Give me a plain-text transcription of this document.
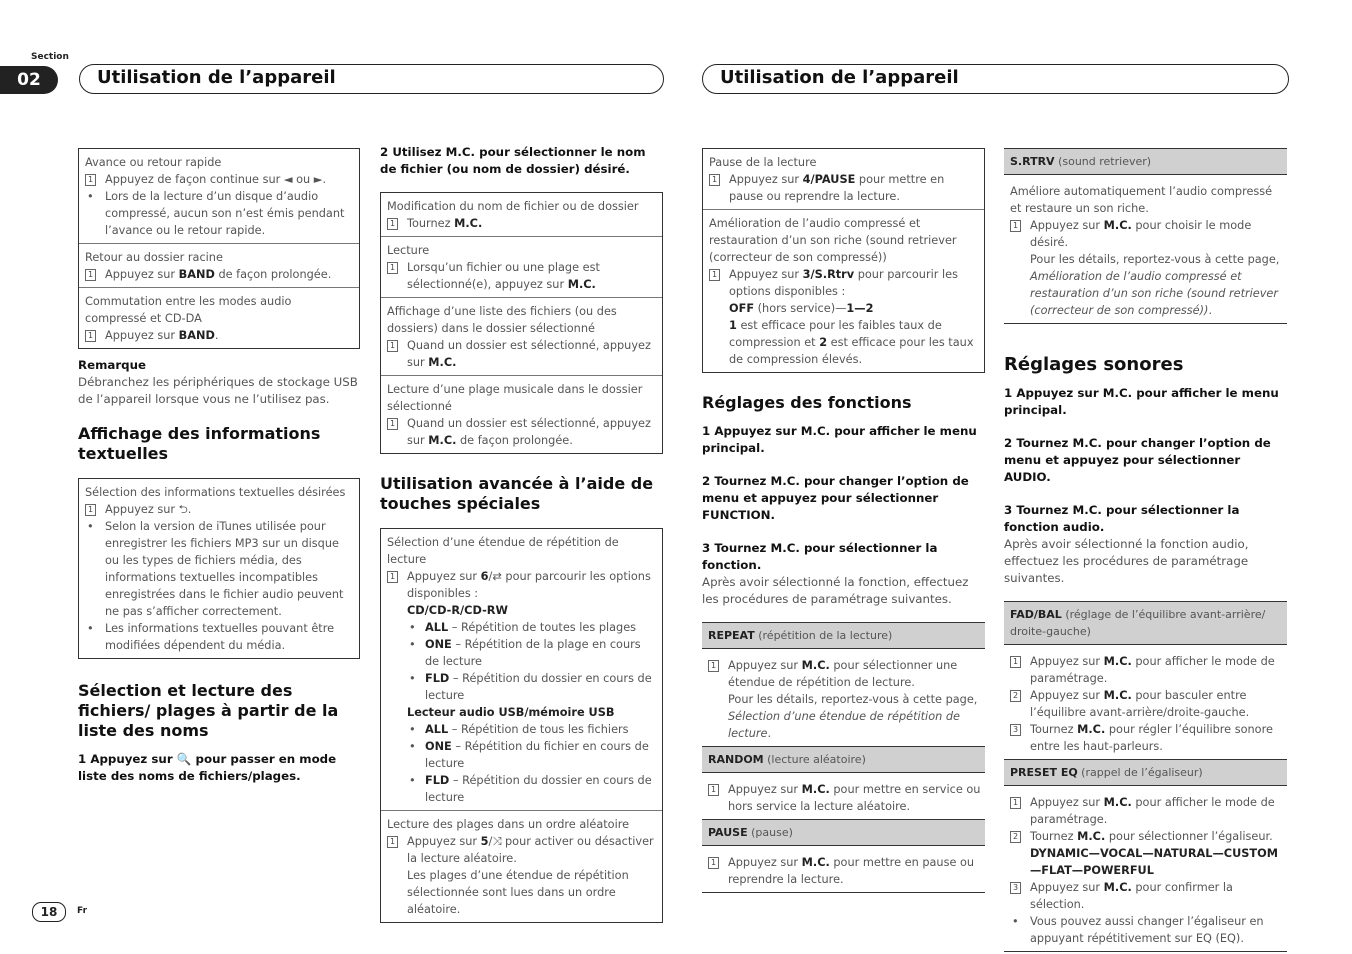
Section
02	Utilisation de l’appareil	Utilisation de l’appareil
Avance ou retour rapide
1 Appuyez de façon continue sur ◄ ou ►.
• Lors de la lecture d’un disque d’audio compressé, aucun son n’est émis pendant l’avance ou le retour rapide.
Retour au dossier racine
1 Appuyez sur BAND de façon prolongée.
Commutation entre les modes audio compressé et CD-DA
1 Appuyez sur BAND.
Remarque
Débranchez les périphériques de stockage USB de l’appareil lorsque vous ne l’utilisez pas.
Affichage des informations textuelles
Sélection des informations textuelles désirées
1 Appuyez sur ⮌.
• Selon la version de iTunes utilisée pour enregistrer les fichiers MP3 sur un disque ou les types de fichiers média, des informations textuelles incompatibles enregistrées dans le fichier audio peuvent ne pas s’afficher correctement.
• Les informations textuelles pouvant être modifiées dépendent du média.
Sélection et lecture des fichiers/ plages à partir de la liste des noms
1 Appuyez sur 🔍 pour passer en mode liste des noms de fichiers/plages.
2 Utilisez M.C. pour sélectionner le nom de fichier (ou nom de dossier) désiré.
Modification du nom de fichier ou de dossier
1 Tournez M.C.
Lecture
1 Lorsqu’un fichier ou une plage est sélectionné(e), appuyez sur M.C.
Affichage d’une liste des fichiers (ou des dossiers) dans le dossier sélectionné
1 Quand un dossier est sélectionné, appuyez sur M.C.
Lecture d’une plage musicale dans le dossier sélectionné
1 Quand un dossier est sélectionné, appuyez sur M.C. de façon prolongée.
Utilisation avancée à l’aide de touches spéciales
Sélection d’une étendue de répétition de lecture
1 Appuyez sur 6/⇄ pour parcourir les options disponibles :
CD/CD-R/CD-RW
• ALL – Répétition de toutes les plages
• ONE – Répétition de la plage en cours de lecture
• FLD – Répétition du dossier en cours de lecture
Lecteur audio USB/mémoire USB
• ALL – Répétition de tous les fichiers
• ONE – Répétition du fichier en cours de lecture
• FLD – Répétition du dossier en cours de lecture
Lecture des plages dans un ordre aléatoire
1 Appuyez sur 5/⤨ pour activer ou désactiver la lecture aléatoire.
Les plages d’une étendue de répétition sélectionnée sont lues dans un ordre aléatoire.
Pause de la lecture
1 Appuyez sur 4/PAUSE pour mettre en pause ou reprendre la lecture.
Amélioration de l’audio compressé et restauration d’un son riche (sound retriever (correcteur de son compressé))
1 Appuyez sur 3/S.Rtrv pour parcourir les options disponibles :
OFF (hors service)—1—2
1 est efficace pour les faibles taux de compression et 2 est efficace pour les taux de compression élevés.
Réglages des fonctions
1 Appuyez sur M.C. pour afficher le menu principal.
2 Tournez M.C. pour changer l’option de menu et appuyez pour sélectionner FUNCTION.
3 Tournez M.C. pour sélectionner la fonction.
Après avoir sélectionné la fonction, effectuez les procédures de paramétrage suivantes.
REPEAT (répétition de la lecture)
1 Appuyez sur M.C. pour sélectionner une étendue de répétition de lecture.
Pour les détails, reportez-vous à cette page, Sélection d’une étendue de répétition de lecture.
RANDOM (lecture aléatoire)
1 Appuyez sur M.C. pour mettre en service ou hors service la lecture aléatoire.
PAUSE (pause)
1 Appuyez sur M.C. pour mettre en pause ou reprendre la lecture.
S.RTRV (sound retriever)
Améliore automatiquement l’audio compressé et restaure un son riche.
1 Appuyez sur M.C. pour choisir le mode désiré.
Pour les détails, reportez-vous à cette page, Amélioration de l’audio compressé et restauration d’un son riche (sound retriever (correcteur de son compressé)).
Réglages sonores
1 Appuyez sur M.C. pour afficher le menu principal.
2 Tournez M.C. pour changer l’option de menu et appuyez pour sélectionner AUDIO.
3 Tournez M.C. pour sélectionner la fonction audio.
Après avoir sélectionné la fonction audio, effectuez les procédures de paramétrage suivantes.
FAD/BAL (réglage de l’équilibre avant-arrière/ droite-gauche)
1 Appuyez sur M.C. pour afficher le mode de paramétrage.
2 Appuyez sur M.C. pour basculer entre l’équilibre avant-arrière/droite-gauche.
3 Tournez M.C. pour régler l’équilibre sonore entre les haut-parleurs.
PRESET EQ (rappel de l’égaliseur)
1 Appuyez sur M.C. pour afficher le mode de paramétrage.
2 Tournez M.C. pour sélectionner l’égaliseur.
DYNAMIC—VOCAL—NATURAL—CUSTOM —FLAT—POWERFUL
3 Appuyez sur M.C. pour confirmer la sélection.
• Vous pouvez aussi changer l’égaliseur en appuyant répétitivement sur EQ (EQ).
18	Fr
